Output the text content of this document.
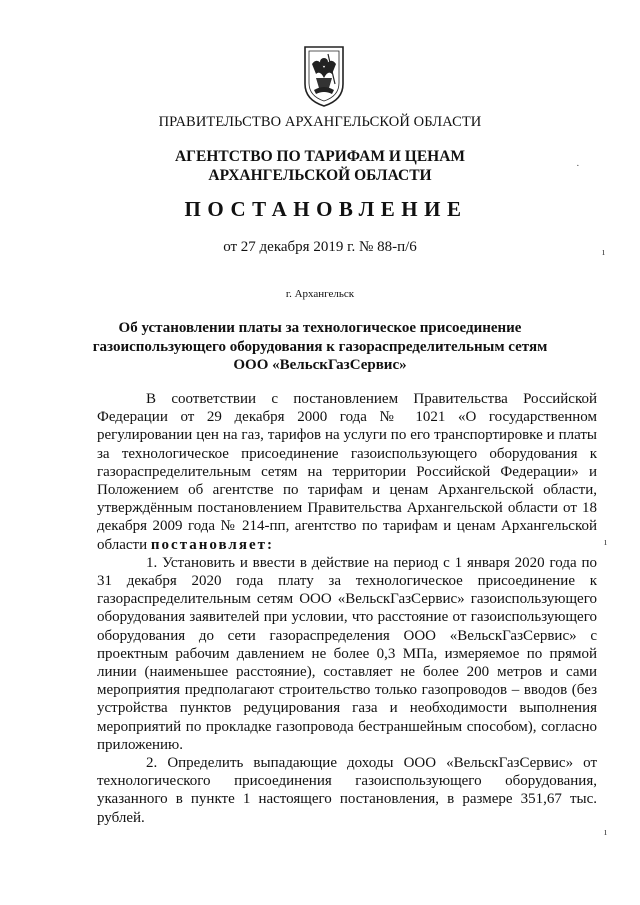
ПРАВИТЕЛЬСТВО АРХАНГЕЛЬСКОЙ ОБЛАСТИ
АГЕНТСТВО ПО ТАРИФАМ И ЦЕНАМ
АРХАНГЕЛЬСКОЙ ОБЛАСТИ
ПОСТАНОВЛЕНИЕ
от 27 декабря 2019 г. № 88-п/6
г. Архангельск
Об установлении платы за технологическое присоединение
газоиспользующего оборудования к газораспределительным сетям
ООО «ВельскГазСервис»

В соответствии с постановлением Правительства Российской Федерации от 29 декабря 2000 года № 1021 «О государственном регулировании цен на газ, тарифов на услуги по его транспортировке и платы за технологическое присоединение газоиспользующего оборудования к газораспределительным сетям на территории Российской Федерации» и Положением об агентстве по тарифам и ценам Архангельской области, утверждённым постановлением Правительства Архангельской области от 18 декабря 2009 года № 214-пп, агентство по тарифам и ценам Архангельской области постановляет:

1. Установить и ввести в действие на период с 1 января 2020 года по 31 декабря 2020 года плату за технологическое присоединение к газораспределительным сетям ООО «ВельскГазСервис» газоиспользующего оборудования заявителей при условии, что расстояние от газоиспользующего оборудования до сети газораспределения ООО «ВельскГазСервис» с проектным рабочим давлением не более 0,3 МПа, измеряемое по прямой линии (наименьшее расстояние), составляет не более 200 метров и сами мероприятия предполагают строительство только газопроводов – вводов (без устройства пунктов редуцирования газа и необходимости выполнения мероприятий по прокладке газопровода бестраншейным способом), согласно приложению.

2. Определить выпадающие доходы ООО «ВельскГазСервис» от технологического присоединения газоиспользующего оборудования, указанного в пункте 1 настоящего постановления, в размере 351,67 тыс. рублей.

·
ı
ı
ı
